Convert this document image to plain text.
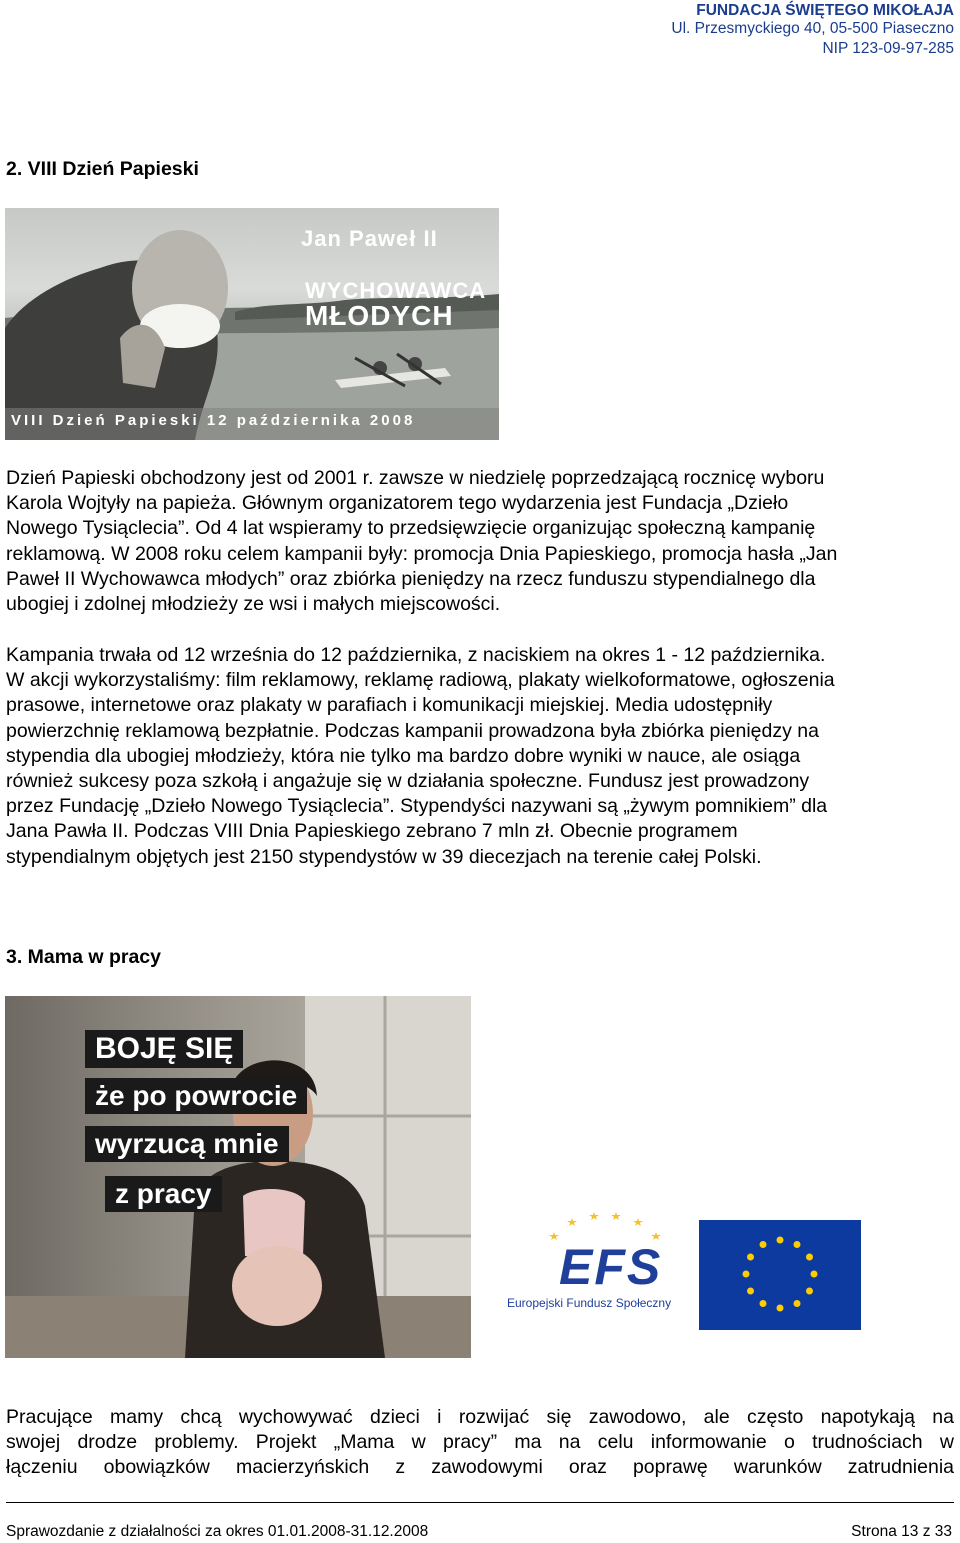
FUNDACJA ŚWIĘTEGO MIKOŁAJA
Ul. Przesmyckiego 40, 05-500 Piaseczno
NIP 123-09-97-285
2. VIII Dzień Papieski
Jan Paweł II
WYCHOWAWCA
MŁODYCH
VIII Dzień Papieski 12 października 2008

Dzień Papieski obchodzony jest od 2001 r. zawsze w niedzielę poprzedzającą rocznicę wyboru
Karola Wojtyły na papieża. Głównym organizatorem tego wydarzenia jest Fundacja „Dzieło
Nowego Tysiąclecia”. Od 4 lat wspieramy to przedsięwzięcie organizując społeczną kampanię
reklamową. W 2008 roku celem kampanii były: promocja Dnia Papieskiego, promocja hasła „Jan
Paweł II Wychowawca młodych” oraz zbiórka pieniędzy na rzecz funduszu stypendialnego dla
ubogiej i zdolnej młodzieży ze wsi i małych miejscowości.

Kampania trwała od 12 września do 12 października, z naciskiem na okres 1 - 12 października.
W akcji wykorzystaliśmy: film reklamowy, reklamę radiową, plakaty wielkoformatowe, ogłoszenia
prasowe, internetowe oraz plakaty w parafiach i komunikacji miejskiej. Media udostępniły
powierzchnię reklamową bezpłatnie. Podczas kampanii prowadzona była zbiórka pieniędzy na
stypendia dla ubogiej młodzieży, która nie tylko ma bardzo dobre wyniki w nauce, ale osiąga
również sukcesy poza szkołą i angażuje się w działania społeczne. Fundusz jest prowadzony
przez Fundację „Dzieło Nowego Tysiąclecia”. Stypendyści nazywani są „żywym pomnikiem” dla
Jana Pawła II. Podczas VIII Dnia Papieskiego zebrano 7 mln zł. Obecnie programem
stypendialnym objętych jest 2150 stypendystów w 39 diecezjach na terenie całej Polski.

3. Mama w pracy
BOJĘ SIĘ
że po powrocie
wyrzucą mnie
z pracy
EFS
Europejski Fundusz Społeczny

Pracujące mamy chcą wychowywać dzieci i rozwijać się zawodowo, ale często napotykają na
swojej drodze problemy. Projekt „Mama w pracy” ma na celu informowanie o trudnościach w
łączeniu obowiązków macierzyńskich z zawodowymi oraz poprawę warunków zatrudnienia

Sprawozdanie z działalności za okres 01.01.2008-31.12.2008	Strona 13 z 33
